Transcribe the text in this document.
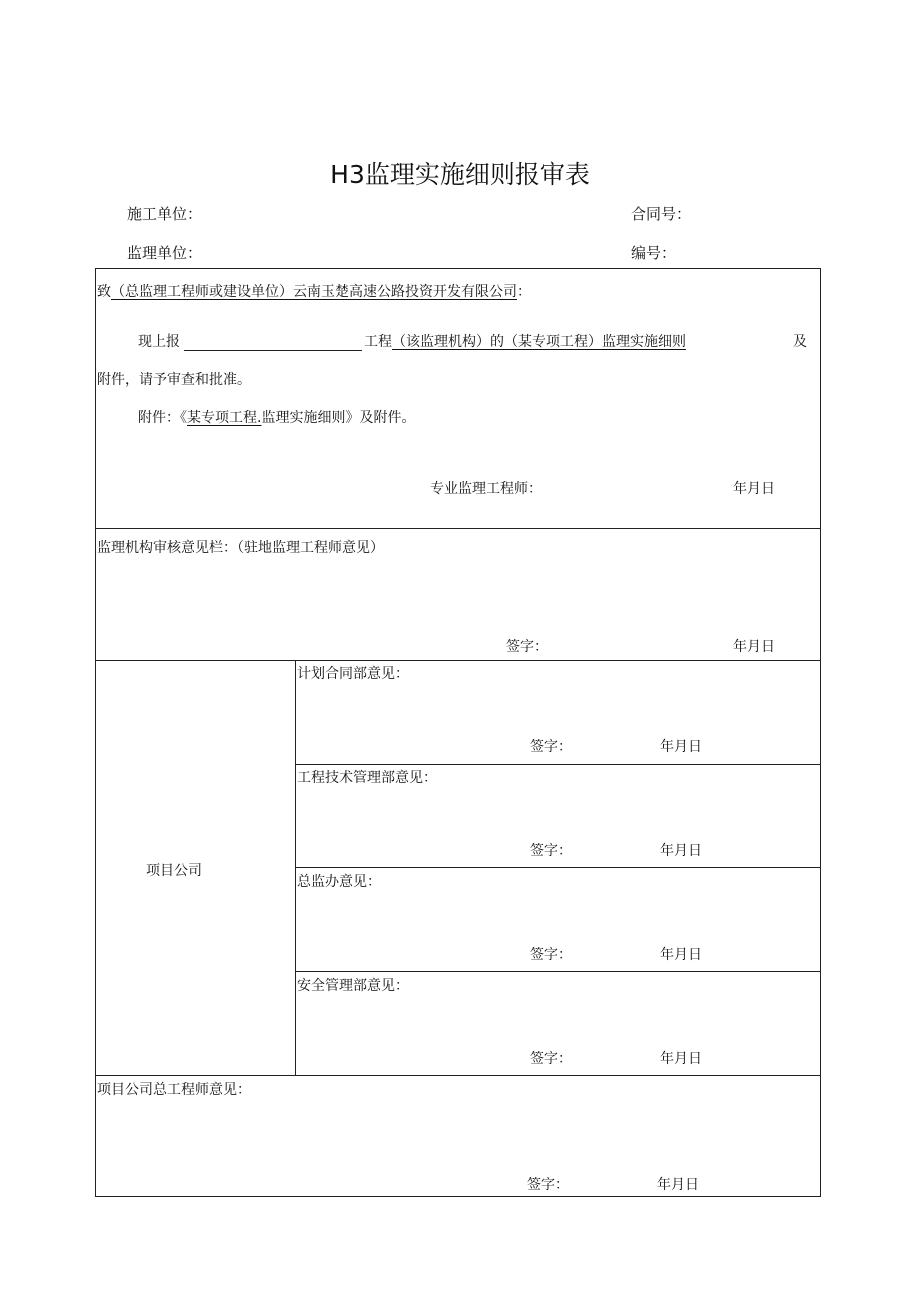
H3监理实施细则报审表
施工单位：	合同号：
监理单位：	编号：
致（总监理工程师或建设单位）云南玉楚高速公路投资开发有限公司：
现上报	工程（该监理机构）的（某专项工程）监理实施细则	及
附件，请予审查和批准。
附件：《某专项工程.监理实施细则》及附件。
专业监理工程师：	年月日
监理机构审核意见栏：（驻地监理工程师意见）
签字：	年月日
项目公司
计划合同部意见：
签字：	年月日
工程技术管理部意见：
签字：	年月日
总监办意见：
签字：	年月日
安全管理部意见：
签字：	年月日
项目公司总工程师意见：
签字：	年月日
